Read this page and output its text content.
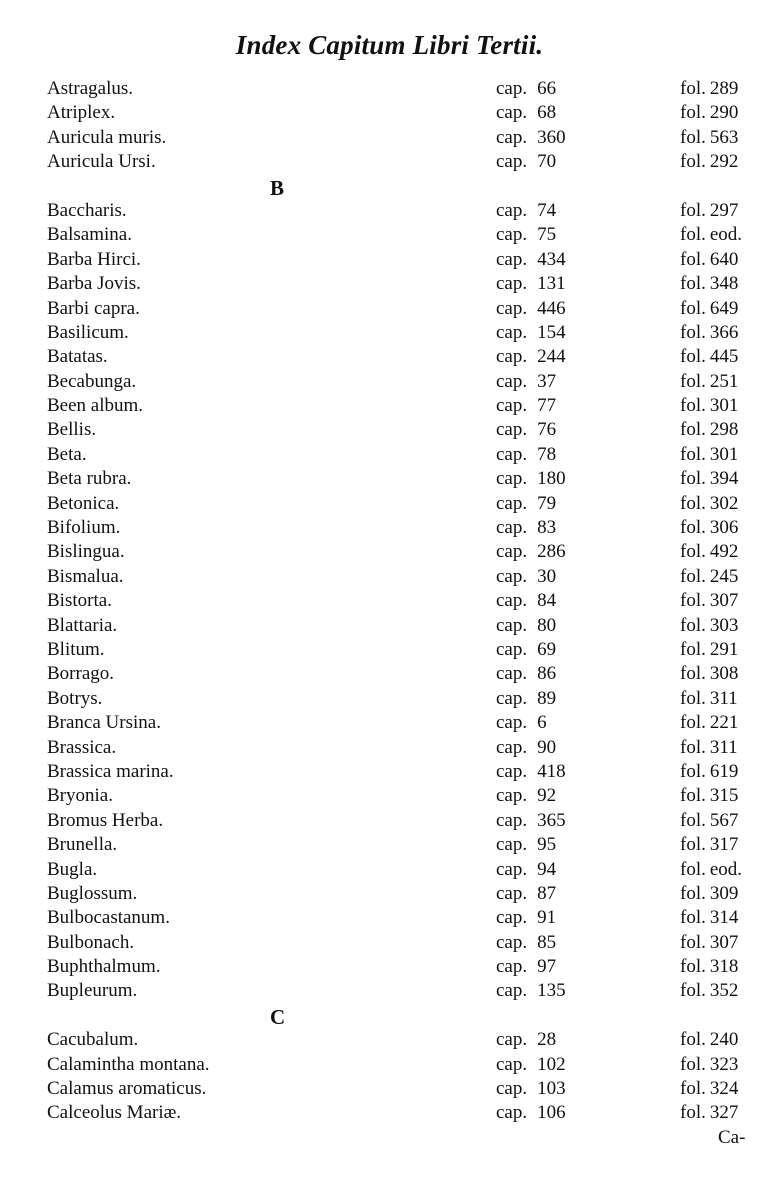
Index Capitum Libri Tertii.
Astragalus.	cap. 66	fol. 289
Atriplex.	cap. 68	fol. 290
Auricula muris.	cap. 360	fol. 563
Auricula Ursi.	cap. 70	fol. 292
B
Baccharis.	cap. 74	fol. 297
Balsamina.	cap. 75	fol. eod.
Barba Hirci.	cap. 434	fol. 640
Barba Jovis.	cap. 131	fol. 348
Barbi capra.	cap. 446	fol. 649
Basilicum.	cap. 154	fol. 366
Batatas.	cap. 244	fol. 445
Becabunga.	cap. 37	fol. 251
Been album.	cap. 77	fol. 301
Bellis.	cap. 76	fol. 298
Beta.	cap. 78	fol. 301
Beta rubra.	cap. 180	fol. 394
Betonica.	cap. 79	fol. 302
Bifolium.	cap. 83	fol. 306
Bislingua.	cap. 286	fol. 492
Bismalua.	cap. 30	fol. 245
Bistorta.	cap. 84	fol. 307
Blattaria.	cap. 80	fol. 303
Blitum.	cap. 69	fol. 291
Borrago.	cap. 86	fol. 308
Botrys.	cap. 89	fol. 311
Branca Ursina.	cap. 6	fol. 221
Brassica.	cap. 90	fol. 311
Brassica marina.	cap. 418	fol. 619
Bryonia.	cap. 92	fol. 315
Bromus Herba.	cap. 365	fol. 567
Brunella.	cap. 95	fol. 317
Bugla.	cap. 94	fol. eod.
Buglossum.	cap. 87	fol. 309
Bulbocastanum.	cap. 91	fol. 314
Bulbonach.	cap. 85	fol. 307
Buphthalmum.	cap. 97	fol. 318
Bupleurum.	cap. 135	fol. 352
C
Cacubalum.	cap. 28	fol. 240
Calamintha montana.	cap. 102	fol. 323
Calamus aromaticus.	cap. 103	fol. 324
Calceolus Mariæ.	cap. 106	fol. 327
Ca-
